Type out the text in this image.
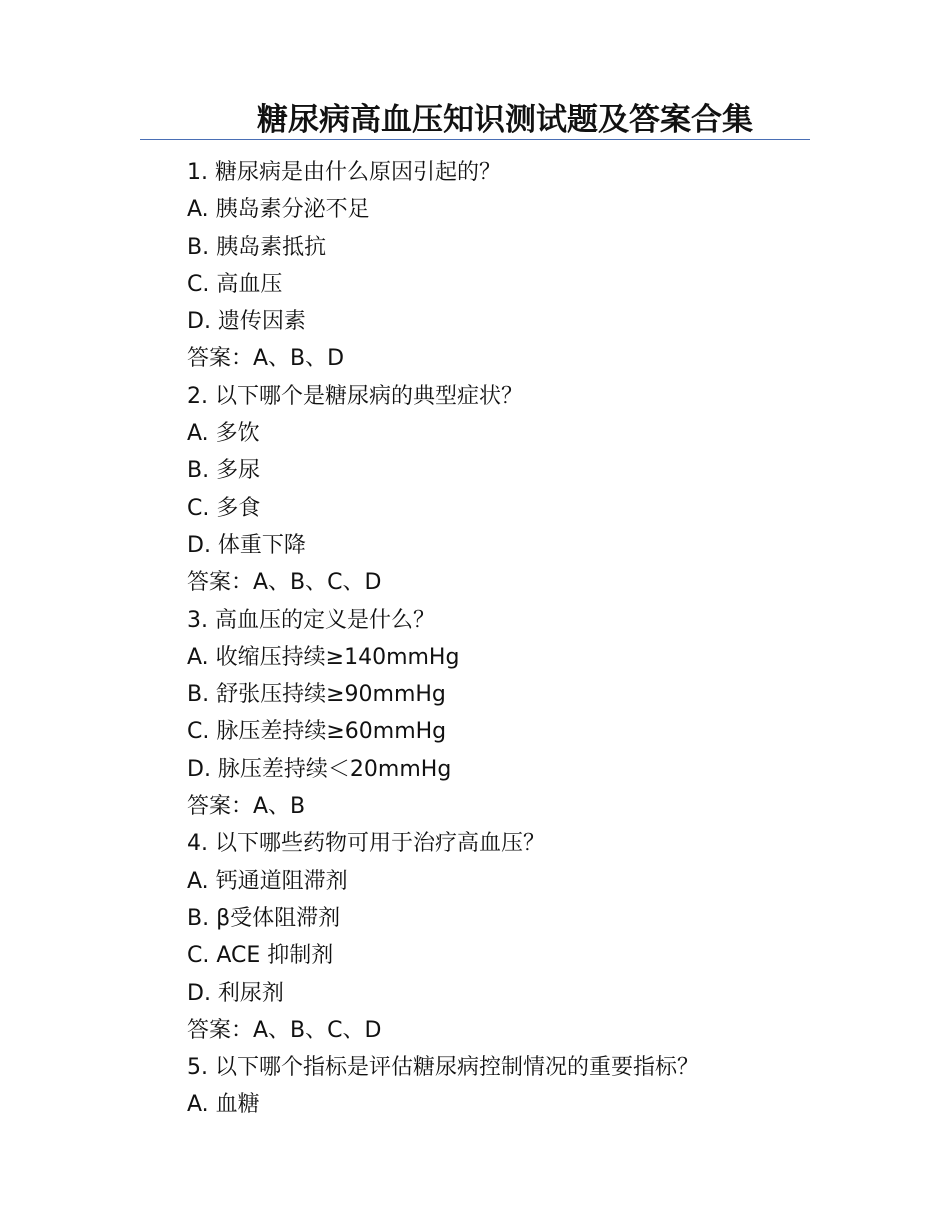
糖尿病高血压知识测试题及答案合集
1. 糖尿病是由什么原因引起的？
A. 胰岛素分泌不足
B. 胰岛素抵抗
C. 高血压
D. 遗传因素
答案：A、B、D
2. 以下哪个是糖尿病的典型症状？
A. 多饮
B. 多尿
C. 多食
D. 体重下降
答案：A、B、C、D
3. 高血压的定义是什么？
A. 收缩压持续≥140mmHg
B. 舒张压持续≥90mmHg
C. 脉压差持续≥60mmHg
D. 脉压差持续＜20mmHg
答案：A、B
4. 以下哪些药物可用于治疗高血压？
A. 钙通道阻滞剂
B. β受体阻滞剂
C. ACE 抑制剂
D. 利尿剂
答案：A、B、C、D
5. 以下哪个指标是评估糖尿病控制情况的重要指标？
A. 血糖
